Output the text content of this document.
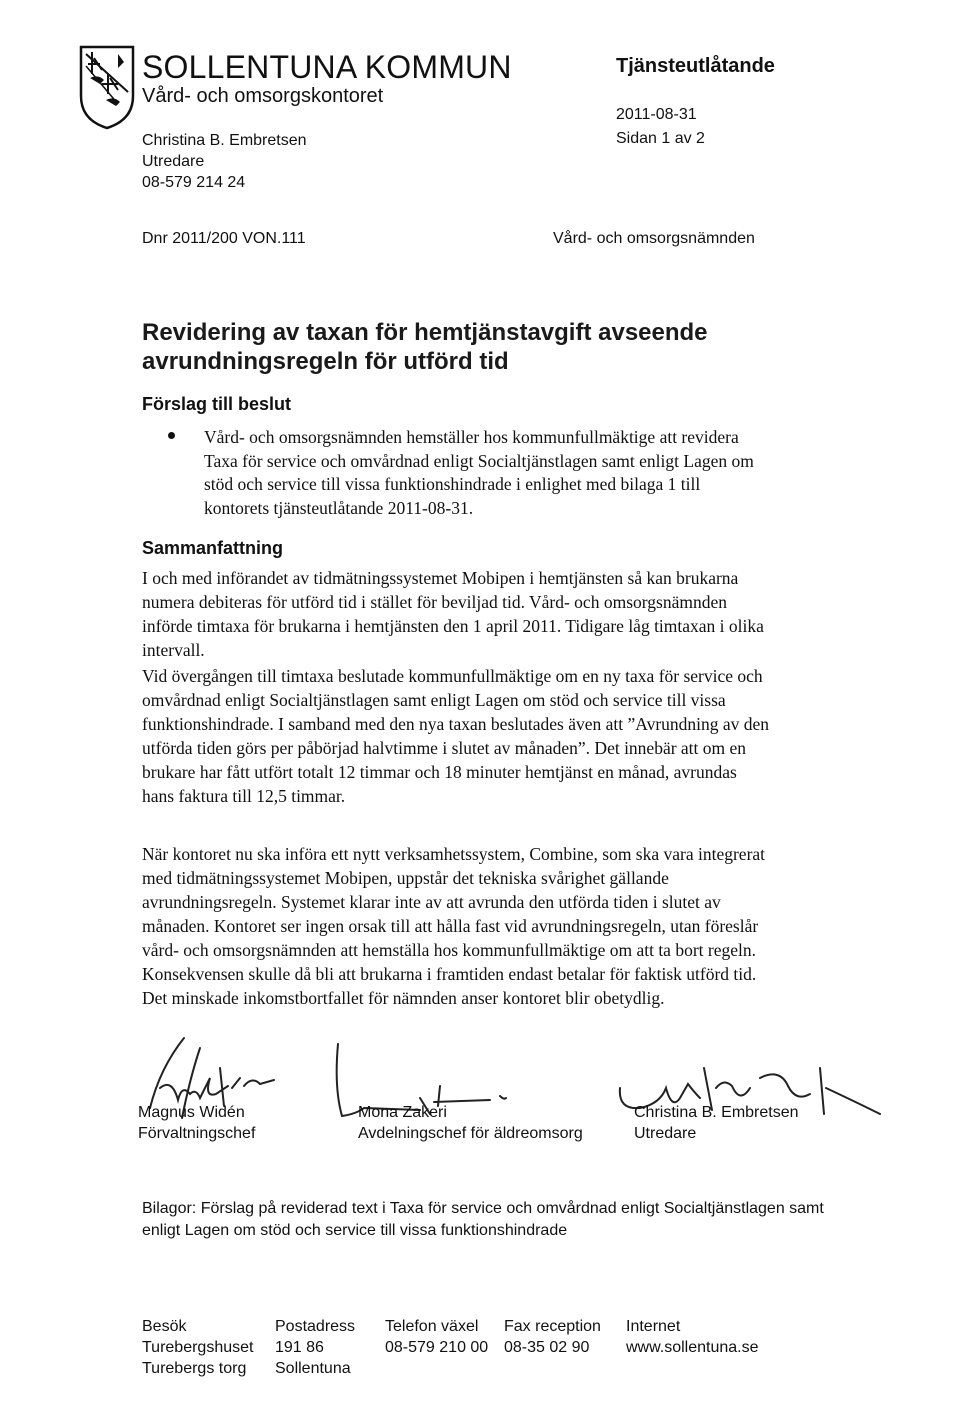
SOLLENTUNA KOMMUN
Vård- och omsorgskontoret
Tjänsteutlåtande
2011-08-31
Sidan 1 av 2
Christina B. Embretsen
Utredare
08-579 214 24
Dnr 2011/200 VON.111	Vård- och omsorgsnämnden
Revidering av taxan för hemtjänstavgift avseende avrundningsregeln för utförd tid
Förslag till beslut
Vård- och omsorgsnämnden hemställer hos kommunfullmäktige att revidera Taxa för service och omvårdnad enligt Socialtjänstlagen samt enligt Lagen om stöd och service till vissa funktionshindrade i enlighet med bilaga 1 till kontorets tjänsteutlåtande 2011-08-31.
Sammanfattning
I och med införandet av tidmätningssystemet Mobipen i hemtjänsten så kan brukarna numera debiteras för utförd tid i stället för beviljad tid. Vård- och omsorgsnämnden införde timtaxa för brukarna i hemtjänsten den 1 april 2011. Tidigare låg timtaxan i olika intervall.
Vid övergången till timtaxa beslutade kommunfullmäktige om en ny taxa för service och omvårdnad enligt Socialtjänstlagen samt enligt Lagen om stöd och service till vissa funktionshindrade. I samband med den nya taxan beslutades även att ”Avrundning av den utförda tiden görs per påbörjad halvtimme i slutet av månaden”. Det innebär att om en brukare har fått utfört totalt 12 timmar och 18 minuter hemtjänst en månad, avrundas hans faktura till 12,5 timmar.
När kontoret nu ska införa ett nytt verksamhetssystem, Combine, som ska vara integrerat med tidmätningssystemet Mobipen, uppstår det tekniska svårighet gällande avrundningsregeln. Systemet klarar inte av att avrunda den utförda tiden i slutet av månaden. Kontoret ser ingen orsak till att hålla fast vid avrundningsregeln, utan föreslår vård- och omsorgsnämnden att hemställa hos kommunfullmäktige om att ta bort regeln. Konsekvensen skulle då bli att brukarna i framtiden endast betalar för faktisk utförd tid. Det minskade inkomstbortfallet för nämnden anser kontoret blir obetydlig.
Magnus Widén
Förvaltningschef
Mona Zakeri
Avdelningschef för äldreomsorg
Christina B. Embretsen
Utredare
Bilagor: Förslag på reviderad text i Taxa för service och omvårdnad enligt Socialtjänstlagen samt enligt Lagen om stöd och service till vissa funktionshindrade
Besök
Turebergshuset
Turebergs torg
Postadress
191 86
Sollentuna
Telefon växel
08-579 210 00
Fax reception
08-35 02 90
Internet
www.sollentuna.se
